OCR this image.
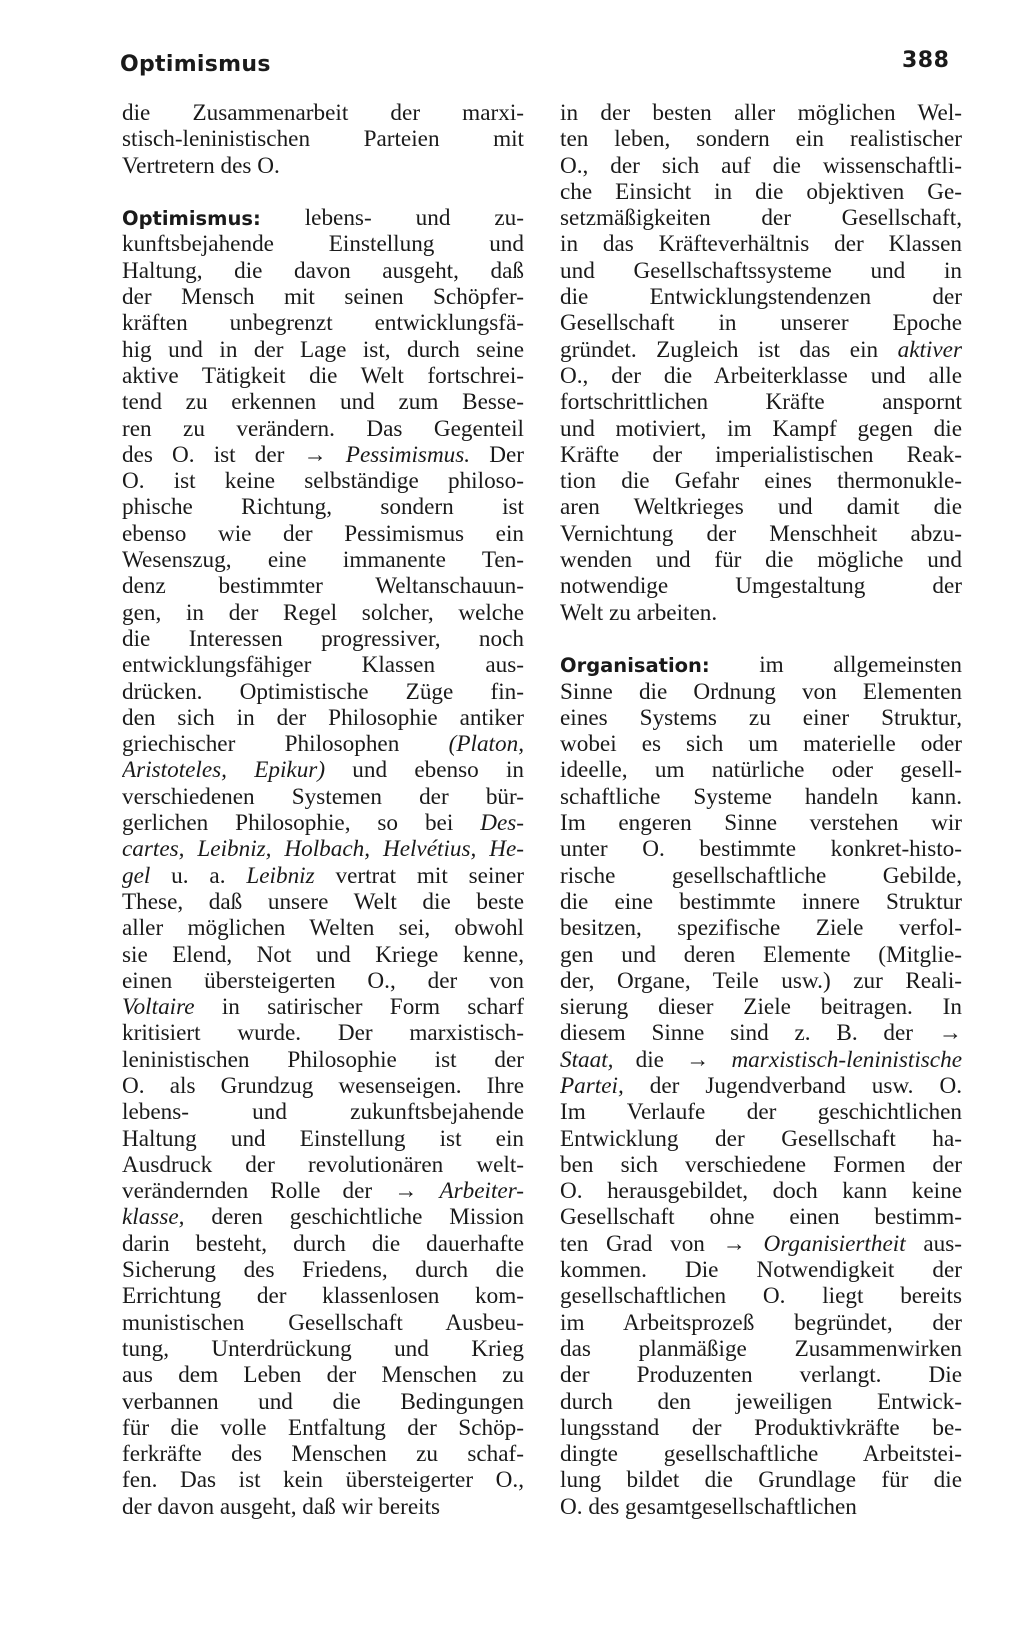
Optimismus	388
die Zusammenarbeit der marxi-
stisch-leninistischen Parteien mit
Vertretern des O.
Optimismus: lebens- und zu-
kunftsbejahende Einstellung und
Haltung, die davon ausgeht, daß
der Mensch mit seinen Schöpfer-
kräften unbegrenzt entwicklungsfä-
hig und in der Lage ist, durch seine
aktive Tätigkeit die Welt fortschrei-
tend zu erkennen und zum Besse-
ren zu verändern. Das Gegenteil
des O. ist der → Pessimismus. Der
O. ist keine selbständige philoso-
phische Richtung, sondern ist
ebenso wie der Pessimismus ein
Wesenszug, eine immanente Ten-
denz bestimmter Weltanschauun-
gen, in der Regel solcher, welche
die Interessen progressiver, noch
entwicklungsfähiger Klassen aus-
drücken. Optimistische Züge fin-
den sich in der Philosophie antiker
griechischer Philosophen (Platon,
Aristoteles, Epikur) und ebenso in
verschiedenen Systemen der bür-
gerlichen Philosophie, so bei Des-
cartes, Leibniz, Holbach, Helvétius, He-
gel u. a. Leibniz vertrat mit seiner
These, daß unsere Welt die beste
aller möglichen Welten sei, obwohl
sie Elend, Not und Kriege kenne,
einen übersteigerten O., der von
Voltaire in satirischer Form scharf
kritisiert wurde. Der marxistisch-
leninistischen Philosophie ist der
O. als Grundzug wesenseigen. Ihre
lebens- und zukunftsbejahende
Haltung und Einstellung ist ein
Ausdruck der revolutionären welt-
verändernden Rolle der → Arbeiter-
klasse, deren geschichtliche Mission
darin besteht, durch die dauerhafte
Sicherung des Friedens, durch die
Errichtung der klassenlosen kom-
munistischen Gesellschaft Ausbeu-
tung, Unterdrückung und Krieg
aus dem Leben der Menschen zu
verbannen und die Bedingungen
für die volle Entfaltung der Schöp-
ferkräfte des Menschen zu schaf-
fen. Das ist kein übersteigerter O.,
der davon ausgeht, daß wir bereits
in der besten aller möglichen Wel-
ten leben, sondern ein realistischer
O., der sich auf die wissenschaftli-
che Einsicht in die objektiven Ge-
setzmäßigkeiten der Gesellschaft,
in das Kräfteverhältnis der Klassen
und Gesellschaftssysteme und in
die Entwicklungstendenzen der
Gesellschaft in unserer Epoche
gründet. Zugleich ist das ein aktiver
O., der die Arbeiterklasse und alle
fortschrittlichen Kräfte anspornt
und motiviert, im Kampf gegen die
Kräfte der imperialistischen Reak-
tion die Gefahr eines thermonukle-
aren Weltkrieges und damit die
Vernichtung der Menschheit abzu-
wenden und für die mögliche und
notwendige Umgestaltung der
Welt zu arbeiten.
Organisation: im allgemeinsten
Sinne die Ordnung von Elementen
eines Systems zu einer Struktur,
wobei es sich um materielle oder
ideelle, um natürliche oder gesell-
schaftliche Systeme handeln kann.
Im engeren Sinne verstehen wir
unter O. bestimmte konkret-histo-
rische gesellschaftliche Gebilde,
die eine bestimmte innere Struktur
besitzen, spezifische Ziele verfol-
gen und deren Elemente (Mitglie-
der, Organe, Teile usw.) zur Reali-
sierung dieser Ziele beitragen. In
diesem Sinne sind z. B. der →
Staat, die → marxistisch-leninistische
Partei, der Jugendverband usw. O.
Im Verlaufe der geschichtlichen
Entwicklung der Gesellschaft ha-
ben sich verschiedene Formen der
O. herausgebildet, doch kann keine
Gesellschaft ohne einen bestimm-
ten Grad von → Organisiertheit aus-
kommen. Die Notwendigkeit der
gesellschaftlichen O. liegt bereits
im Arbeitsprozeß begründet, der
das planmäßige Zusammenwirken
der Produzenten verlangt. Die
durch den jeweiligen Entwick-
lungsstand der Produktivkräfte be-
dingte gesellschaftliche Arbeitstei-
lung bildet die Grundlage für die
O. des gesamtgesellschaftlichen
